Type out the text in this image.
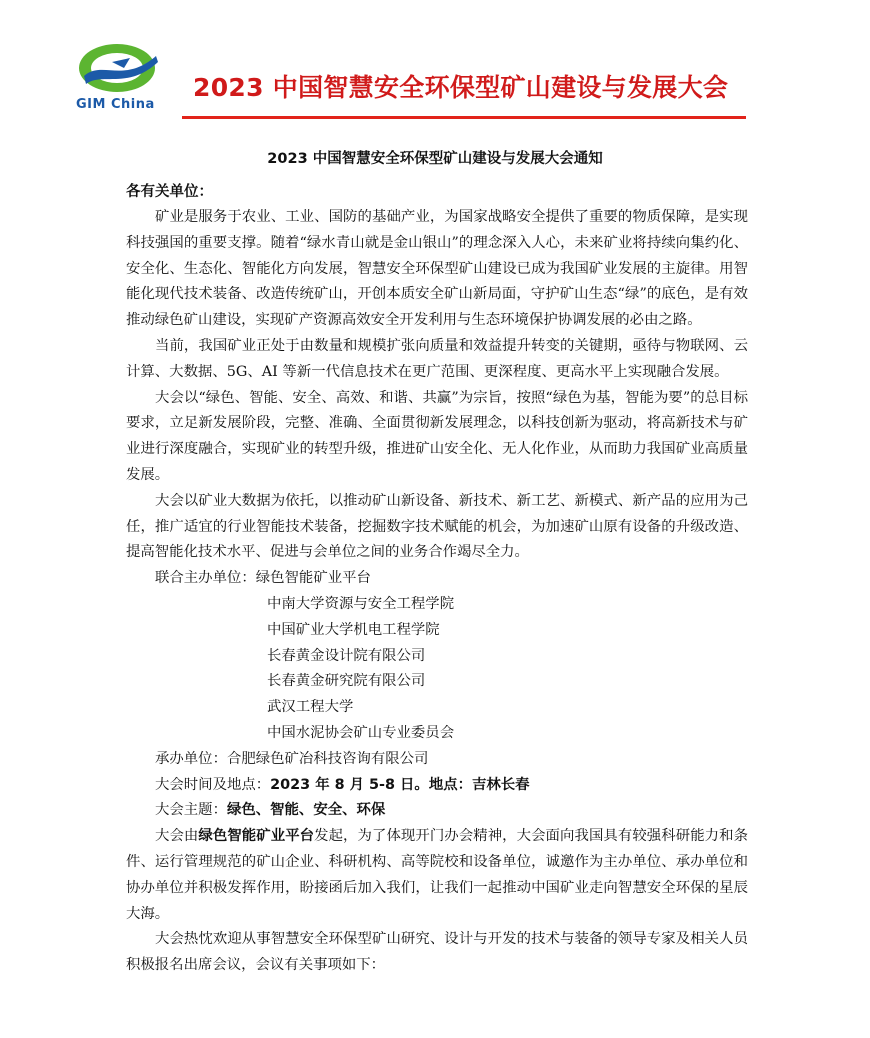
GIM China
2023 中国智慧安全环保型矿山建设与发展大会
2023 中国智慧安全环保型矿山建设与发展大会通知
各有关单位：

矿业是服务于农业、工业、国防的基础产业，为国家战略安全提供了重要的物质保障，是实现科技强国的重要支撑。随着“绿水青山就是金山银山”的理念深入人心，未来矿业将持续向集约化、安全化、生态化、智能化方向发展，智慧安全环保型矿山建设已成为我国矿业发展的主旋律。用智能化现代技术装备、改造传统矿山，开创本质安全矿山新局面，守护矿山生态“绿”的底色，是有效推动绿色矿山建设，实现矿产资源高效安全开发利用与生态环境保护协调发展的必由之路。

当前，我国矿业正处于由数量和规模扩张向质量和效益提升转变的关键期，亟待与物联网、云计算、大数据、5G、AI 等新一代信息技术在更广范围、更深程度、更高水平上实现融合发展。

大会以“绿色、智能、安全、高效、和谐、共赢”为宗旨，按照“绿色为基，智能为要”的总目标要求，立足新发展阶段，完整、准确、全面贯彻新发展理念，以科技创新为驱动，将高新技术与矿业进行深度融合，实现矿业的转型升级，推进矿山安全化、无人化作业，从而助力我国矿业高质量发展。

大会以矿业大数据为依托，以推动矿山新设备、新技术、新工艺、新模式、新产品的应用为己任，推广适宜的行业智能技术装备，挖掘数字技术赋能的机会，为加速矿山原有设备的升级改造、提高智能化技术水平、促进与会单位之间的业务合作竭尽全力。

联合主办单位：绿色智能矿业平台
中南大学资源与安全工程学院
中国矿业大学机电工程学院
长春黄金设计院有限公司
长春黄金研究院有限公司
武汉工程大学
中国水泥协会矿山专业委员会
承办单位：合肥绿色矿冶科技咨询有限公司
大会时间及地点：2023 年 8 月 5-8 日。地点：吉林长春
大会主题：绿色、智能、安全、环保

大会由绿色智能矿业平台发起，为了体现开门办会精神，大会面向我国具有较强科研能力和条件、运行管理规范的矿山企业、科研机构、高等院校和设备单位，诚邀作为主办单位、承办单位和协办单位并积极发挥作用，盼接函后加入我们，让我们一起推动中国矿业走向智慧安全环保的星辰大海。

大会热忱欢迎从事智慧安全环保型矿山研究、设计与开发的技术与装备的领导专家及相关人员积极报名出席会议，会议有关事项如下：
